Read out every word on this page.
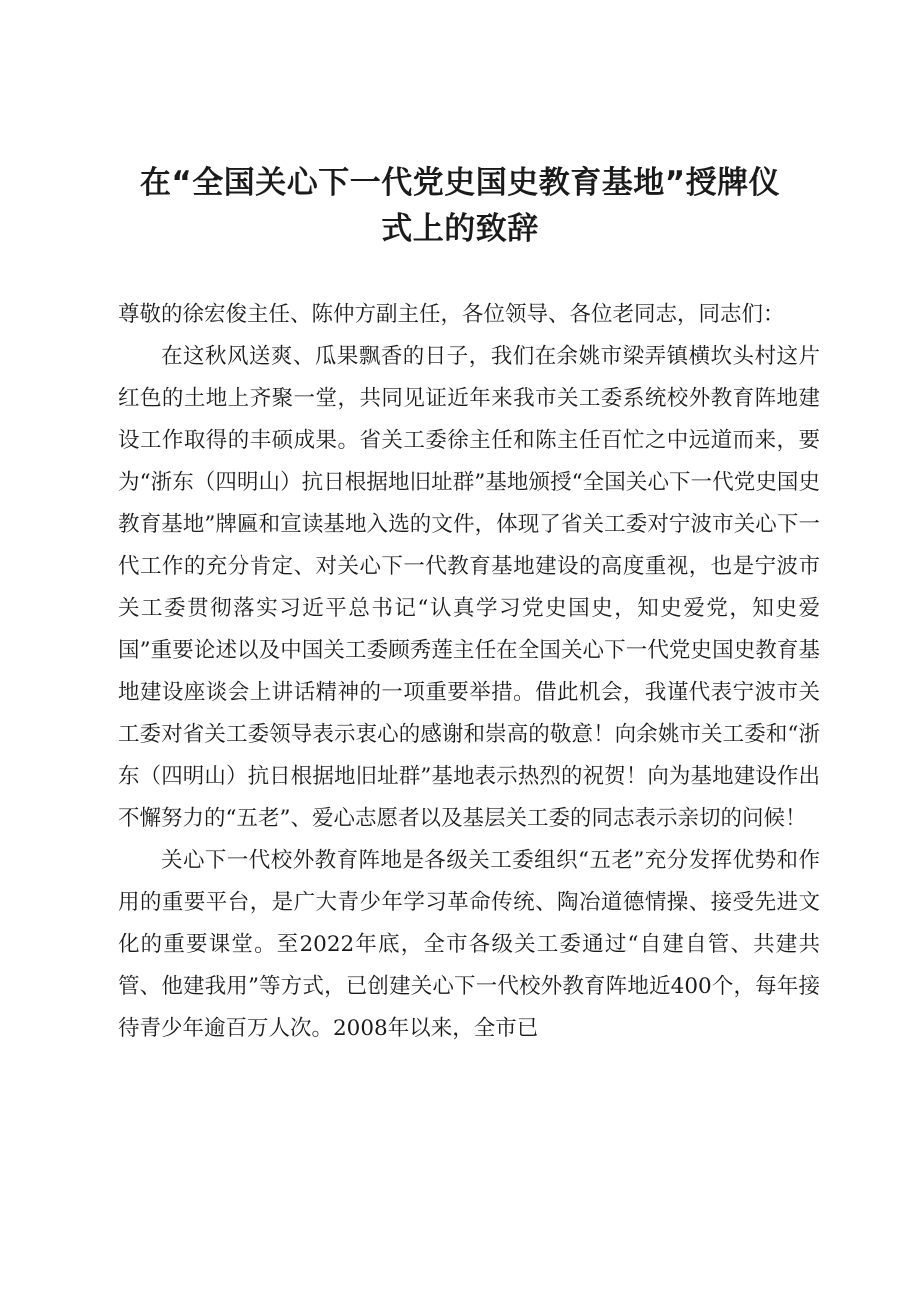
在“全国关心下一代党史国史教育基地”授牌仪
式上的致辞

尊敬的徐宏俊主任、陈仲方副主任，各位领导、各位老同志，同志们：

在这秋风送爽、瓜果飘香的日子，我们在余姚市梁弄镇横坎头村这片红色的土地上齐聚一堂，共同见证近年来我市关工委系统校外教育阵地建设工作取得的丰硕成果。省关工委徐主任和陈主任百忙之中远道而来，要为“浙东（四明山）抗日根据地旧址群”基地颁授“全国关心下一代党史国史教育基地”牌匾和宣读基地入选的文件，体现了省关工委对宁波市关心下一代工作的充分肯定、对关心下一代教育基地建设的高度重视，也是宁波市关工委贯彻落实习近平总书记“认真学习党史国史，知史爱党，知史爱国”重要论述以及中国关工委顾秀莲主任在全国关心下一代党史国史教育基地建设座谈会上讲话精神的一项重要举措。借此机会，我谨代表宁波市关工委对省关工委领导表示衷心的感谢和崇高的敬意！向余姚市关工委和“浙东（四明山）抗日根据地旧址群”基地表示热烈的祝贺！向为基地建设作出不懈努力的“五老”、爱心志愿者以及基层关工委的同志表示亲切的问候！

关心下一代校外教育阵地是各级关工委组织“五老”充分发挥优势和作用的重要平台，是广大青少年学习革命传统、陶冶道德情操、接受先进文化的重要课堂。至2022年底，全市各级关工委通过“自建自管、共建共管、他建我用”等方式，已创建关心下一代校外教育阵地近400个，每年接待青少年逾百万人次。2008年以来，全市已
